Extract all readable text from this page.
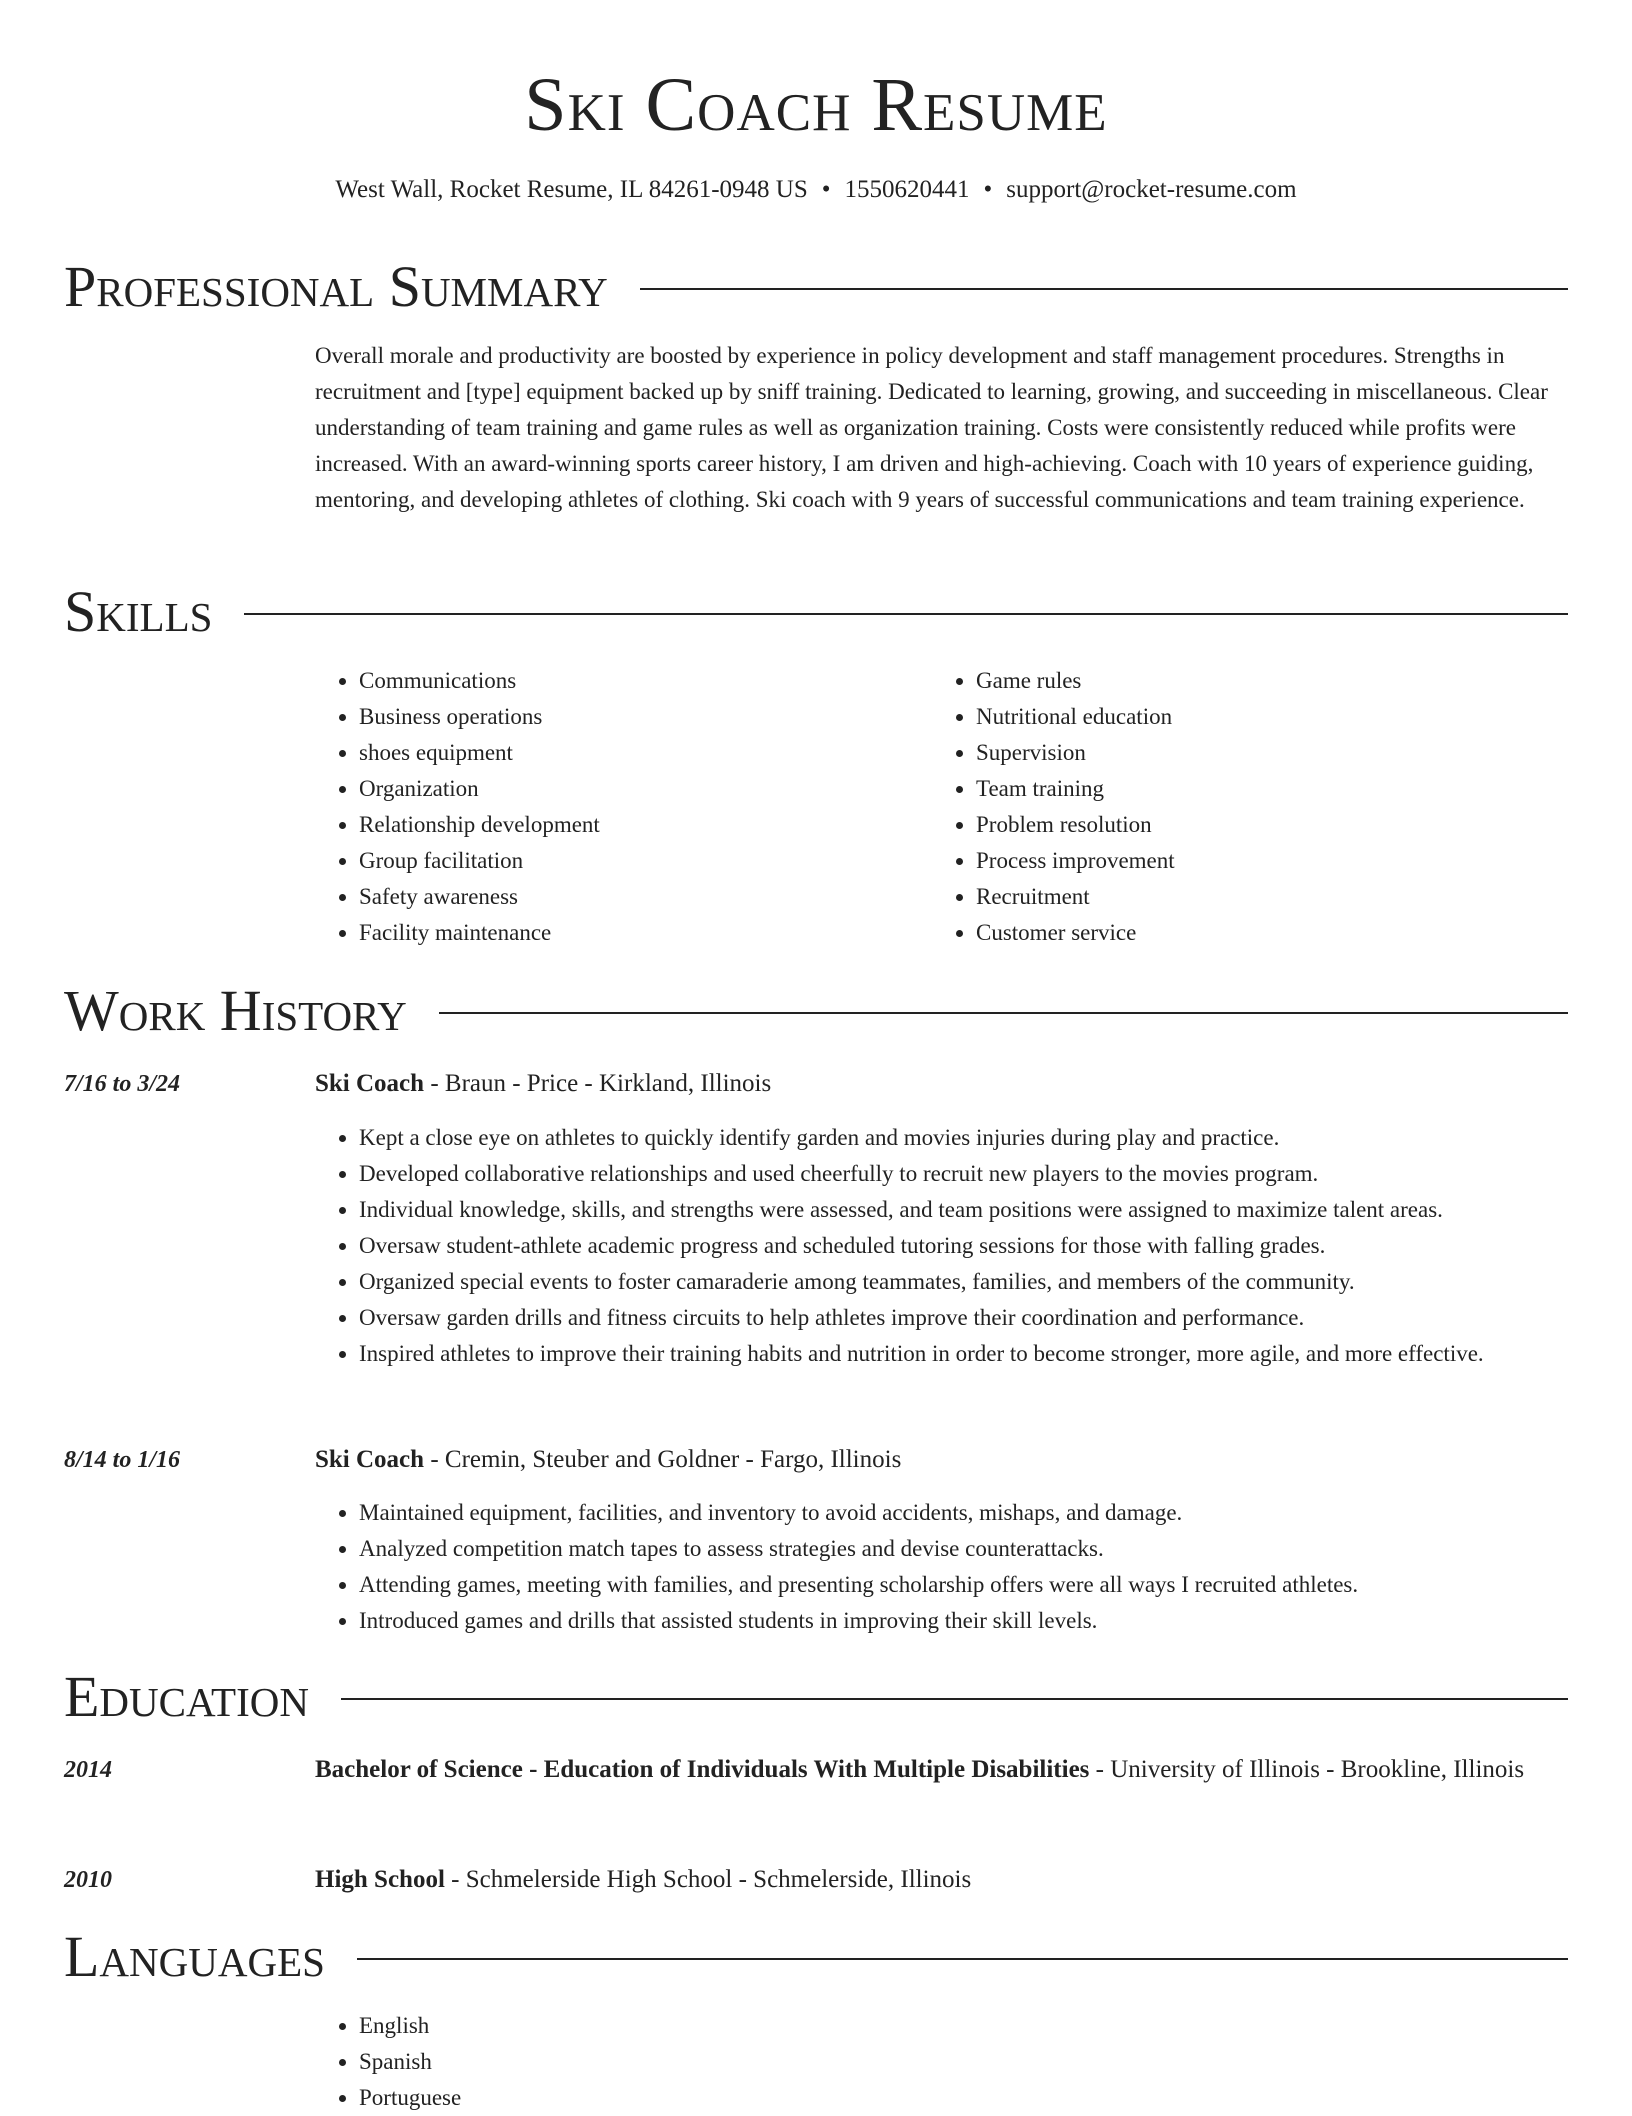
Ski Coach Resume
West Wall, Rocket Resume, IL 84261-0948 US • 1550620441 • support@rocket-resume.com
Professional Summary

Overall morale and productivity are boosted by experience in policy development and staff management procedures. Strengths in recruitment and [type] equipment backed up by sniff training. Dedicated to learning, growing, and succeeding in miscellaneous. Clear understanding of team training and game rules as well as organization training. Costs were consistently reduced while profits were increased. With an award-winning sports career history, I am driven and high-achieving. Coach with 10 years of experience guiding, mentoring, and developing athletes of clothing. Ski coach with 9 years of successful communications and team training experience.

Skills
• Communications
• Business operations
• shoes equipment
• Organization
• Relationship development
• Group facilitation
• Safety awareness
• Facility maintenance
• Game rules
• Nutritional education
• Supervision
• Team training
• Problem resolution
• Process improvement
• Recruitment
• Customer service
Work History
7/16 to 3/24	Ski Coach - Braun - Price - Kirkland, Illinois
• Kept a close eye on athletes to quickly identify garden and movies injuries during play and practice.
• Developed collaborative relationships and used cheerfully to recruit new players to the movies program.
• Individual knowledge, skills, and strengths were assessed, and team positions were assigned to maximize talent areas.
• Oversaw student-athlete academic progress and scheduled tutoring sessions for those with falling grades.
• Organized special events to foster camaraderie among teammates, families, and members of the community.
• Oversaw garden drills and fitness circuits to help athletes improve their coordination and performance.
• Inspired athletes to improve their training habits and nutrition in order to become stronger, more agile, and more effective.
8/14 to 1/16	Ski Coach - Cremin, Steuber and Goldner - Fargo, Illinois
• Maintained equipment, facilities, and inventory to avoid accidents, mishaps, and damage.
• Analyzed competition match tapes to assess strategies and devise counterattacks.
• Attending games, meeting with families, and presenting scholarship offers were all ways I recruited athletes.
• Introduced games and drills that assisted students in improving their skill levels.
Education
2014	Bachelor of Science - Education of Individuals With Multiple Disabilities - University of Illinois - Brookline, Illinois
2010	High School - Schmelerside High School - Schmelerside, Illinois
Languages
• English
• Spanish
• Portuguese
